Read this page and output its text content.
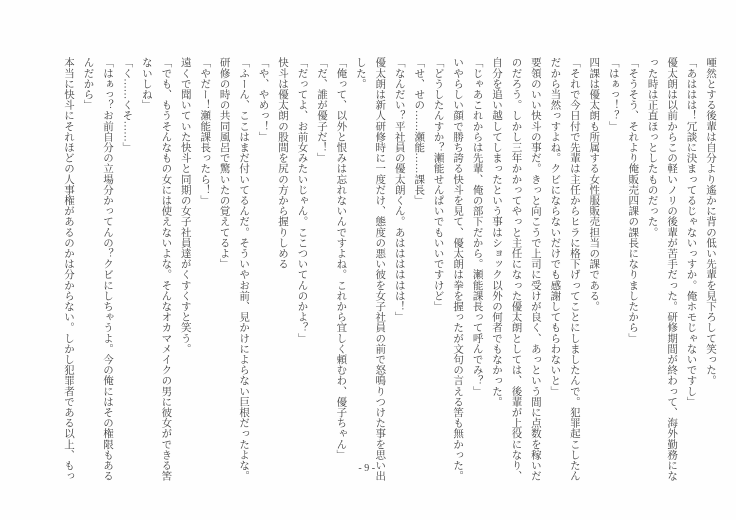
唖然とする後輩は自分より遙かに背の低い先輩を見下ろして笑った。
「あははは！冗談に決まってるじゃないっすか。俺ホモじゃないですし」
優太朗は以前からこの軽いノリの後輩が苦手だった。研修期間が終わって、海外勤務にな
った時は正直ほっとしたものだった。
「そうそう、それより俺販売四課の課長になりましたから」
「はぁっ！？」
四課は優太朗も所属する女性服販売担当の課である。
「それで今日付で先輩は主任からヒラに格下げってことにしましたんで。犯罪起こしたん
だから当然っすよね。クビにならないだけでも感謝してもらわないと」
要領のいい快斗の事だ。きっと向こうで上司に受けが良く、あっという間に点数を稼いだ
のだろう。しかし三年かかってやっと主任になった優太朗としては、後輩が上役になり、
自分を追い越してしまったという事はショック以外の何者でもなかった。
「じゃあこれからは先輩、俺の部下だから。瀬能課長って呼んでみ？」
いやらしい顔で勝ち誇る快斗を見て、優太朗は拳を握ったが文句の言える筈も無かった。
「どうしたんすか？瀬能せんぱいでもいいですけど」
「せ、せの……瀬能……課長」
「なんだい？平社員の優太朗くん。あはははははは！」
優太朗は新人研修時に一度だけ、態度の悪い彼を女子社員の前で怒鳴りつけた事を思い出
した。
「俺って、以外と恨みは忘れないんですよね。これから宜しく頼むわ、優子ちゃん」
「だ、誰が優子だ！」
「だってよ、お前女みたいじゃん。ここついてんのかよ？」
快斗は優太朗の股間を尻の方から握りしめる
「や、やめっ！」
「ふーん、ここはまだ付いてるんだ。そういやお前、見かけによらない巨根だったよな。
研修の時の共同風呂で驚いたの覚えてるよ」
「やだー！瀬能課長ったら！」
遠くで聞いていた快斗と同期の女子社員達がくすくすと笑う。
「でも、もうそんなもの女には使えないよな。そんなオカマメイクの男に彼女ができる筈
ないしね」
「く……くそ……」
「はぁっ？お前自分の立場分かってんの？クビにしちゃうよ。今の俺にはその権限もある
んだから」
本当に快斗にそれほどの人事権があるのかは分からない。しかし犯罪者である以上、もっ	-9-
